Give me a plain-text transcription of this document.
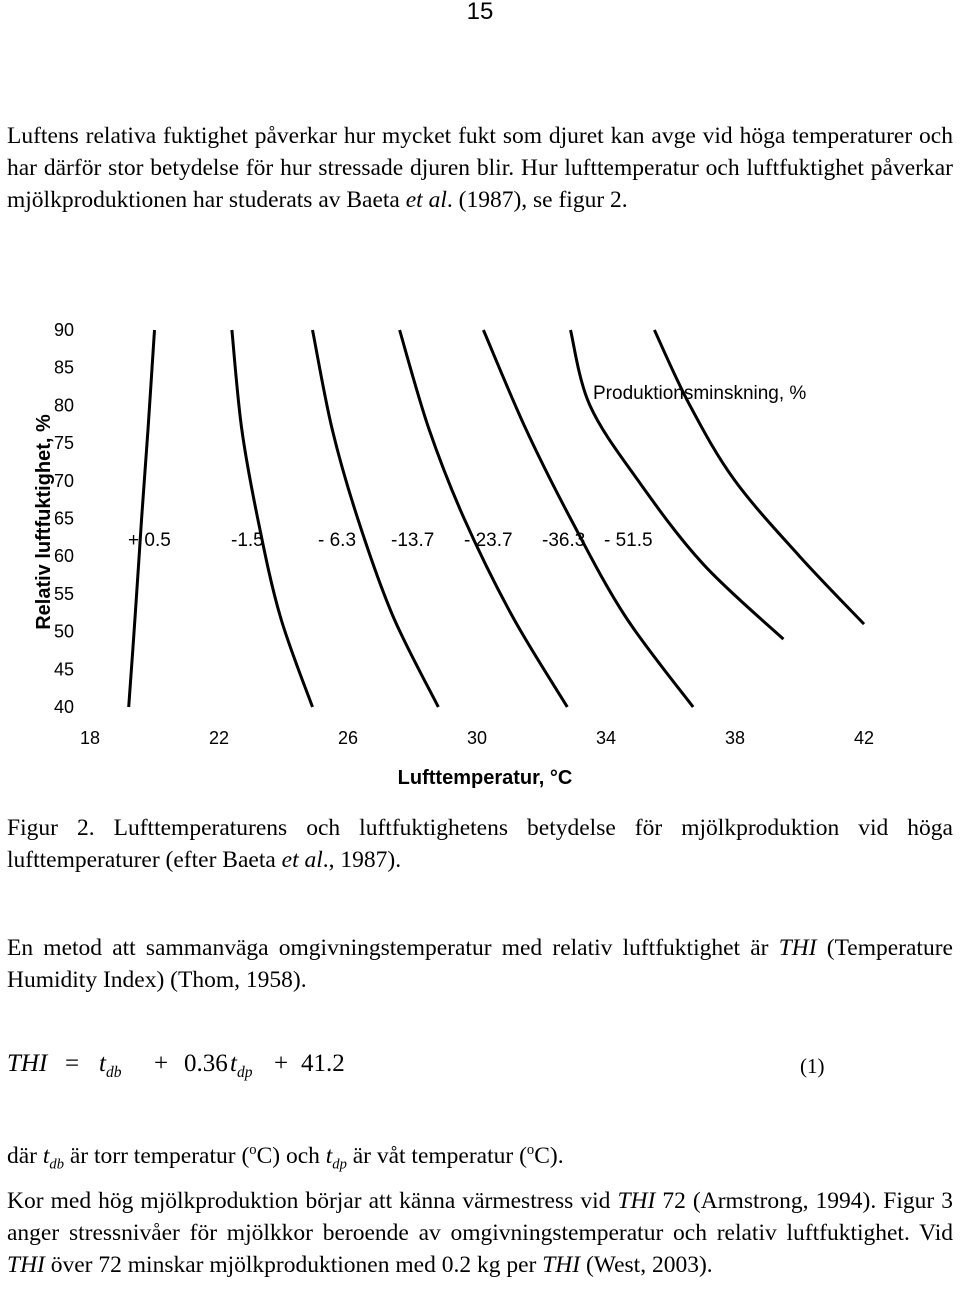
15

Luftens relativa fuktighet påverkar hur mycket fukt som djuret kan avge vid höga temperaturer och har därför stor betydelse för hur stressade djuren blir. Hur lufttemperatur och luftfuktighet påverkar mjölkproduktionen har studerats av Baeta et al. (1987), se figur 2.

40
45
50
55
60
65
70
75
80
85
90
18	22	26	30	34	38	42
+ 0.5	-1.5	- 6.3 -13.7 - 23.7 -36.3 - 51.5
Relativ luftfuktighet, %
Lufttemperatur, °C
Produktionsminskning, %

Figur 2. Lufttemperaturens och luftfuktighetens betydelse för mjölkproduktion vid höga lufttemperaturer (efter Baeta et al., 1987).

En metod att sammanväga omgivningstemperatur med relativ luftfuktighet är THI (Temperature Humidity Index) (Thom, 1958).

THI = $t_{db} + 0.36$ $t_{dp} + 41.2$	(1)
där $t_{db}$ är torr temperatur ($^o$C) och $t_{dp}$ är våt temperatur ($^o$C).

Kor med hög mjölkproduktion börjar att känna värmestress vid THI 72 (Armstrong, 1994). Figur 3 anger stressnivåer för mjölkkor beroende av omgivningstemperatur och relativ luftfuktighet. Vid THI över 72 minskar mjölkproduktionen med 0.2 kg per THI (West, 2003).
